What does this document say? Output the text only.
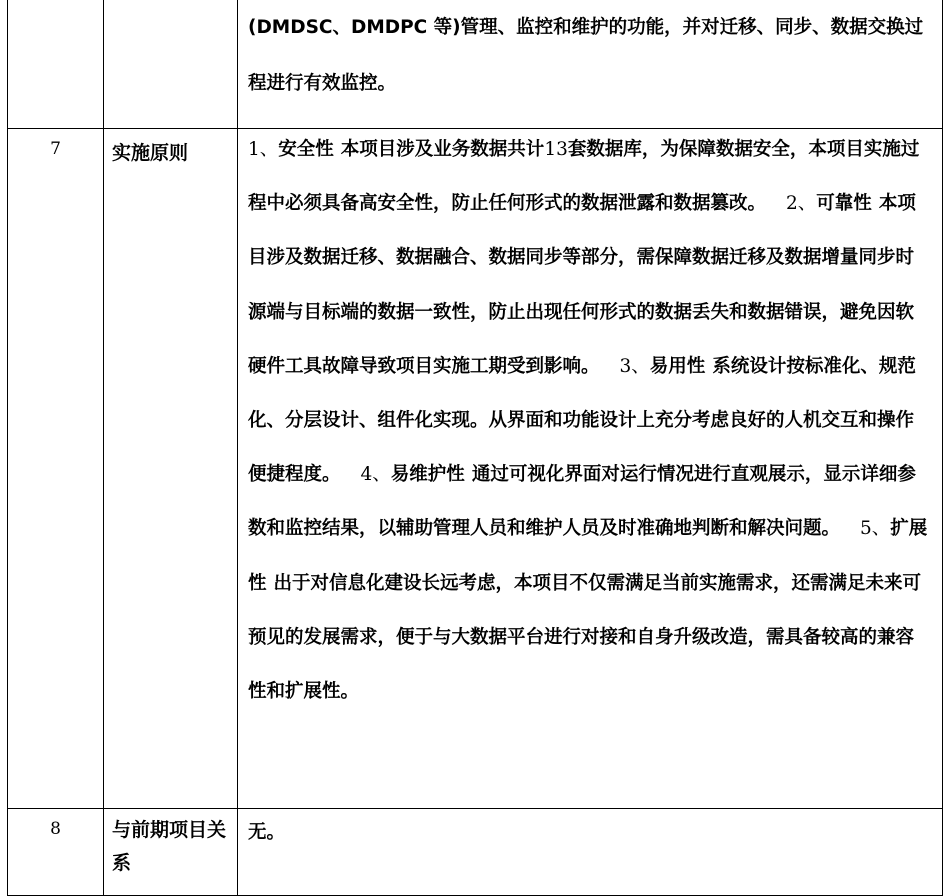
		(DMDSC、DMDPC 等)管理、监控和维护的功能，并对迁移、同步、数据交换过程进行有效监控。

7	实施原则	1、安全性 本项目涉及业务数据共计13套数据库，为保障数据安全，本项目实施过程中必须具备高安全性，防止任何形式的数据泄露和数据篡改。 2、可靠性 本项目涉及数据迁移、数据融合、数据同步等部分，需保障数据迁移及数据增量同步时源端与目标端的数据一致性，防止出现任何形式的数据丢失和数据错误，避免因软硬件工具故障导致项目实施工期受到影响。 3、易用性 系统设计按标准化、规范化、分层设计、组件化实现。从界面和功能设计上充分考虑良好的人机交互和操作便捷程度。 4、易维护性 通过可视化界面对运行情况进行直观展示，显示详细参数和监控结果，以辅助管理人员和维护人员及时准确地判断和解决问题。 5、扩展性 出于对信息化建设长远考虑，本项目不仅需满足当前实施需求，还需满足未来可预见的发展需求，便于与大数据平台进行对接和自身升级改造，需具备较高的兼容性和扩展性。

8	与前期项目关系	无。
